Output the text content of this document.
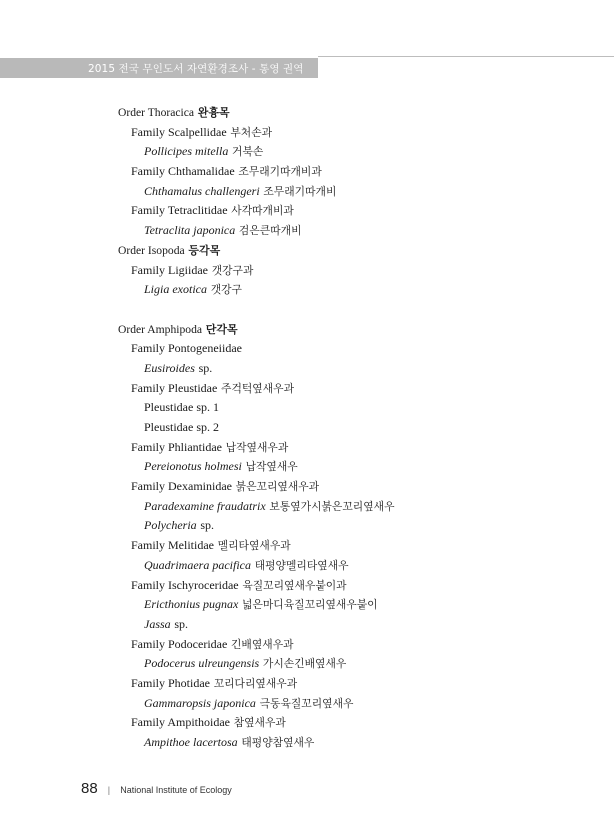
2015 전국 무인도서 자연환경조사 - 통영 권역
Order Thoracica 완흉목
Family Scalpellidae 부처손과
Pollicipes mitella 거북손
Family Chthamalidae 조무래기따개비과
Chthamalus challengeri 조무래기따개비
Family Tetraclitidae 사각따개비과
Tetraclita japonica 검은큰따개비
Order Isopoda 등각목
Family Ligiidae 갯강구과
Ligia exotica 갯강구
Order Amphipoda 단각목
Family Pontogeneiidae
Eusiroides sp.
Family Pleustidae 주걱턱옆새우과
Pleustidae sp. 1
Pleustidae sp. 2
Family Phliantidae 납작옆새우과
Pereionotus holmesi 납작옆새우
Family Dexaminidae 붉은꼬리옆새우과
Paradexamine fraudatrix 보통옆가시붉은꼬리옆새우
Polycheria sp.
Family Melitidae 멜리타옆새우과
Quadrimaera pacifica 태평양멜리타옆새우
Family Ischyroceridae 육질꼬리옆새우붙이과
Ericthonius pugnax 넓은마디육질꼬리옆새우붙이
Jassa sp.
Family Podoceridae 긴배옆새우과
Podocerus ulreungensis 가시손긴배옆새우
Family Photidae 꼬리다리옆새우과
Gammaropsis japonica 극동육질꼬리옆새우
Family Ampithoidae 참옆새우과
Ampithoe lacertosa 태평양참옆새우
88 | National Institute of Ecology
